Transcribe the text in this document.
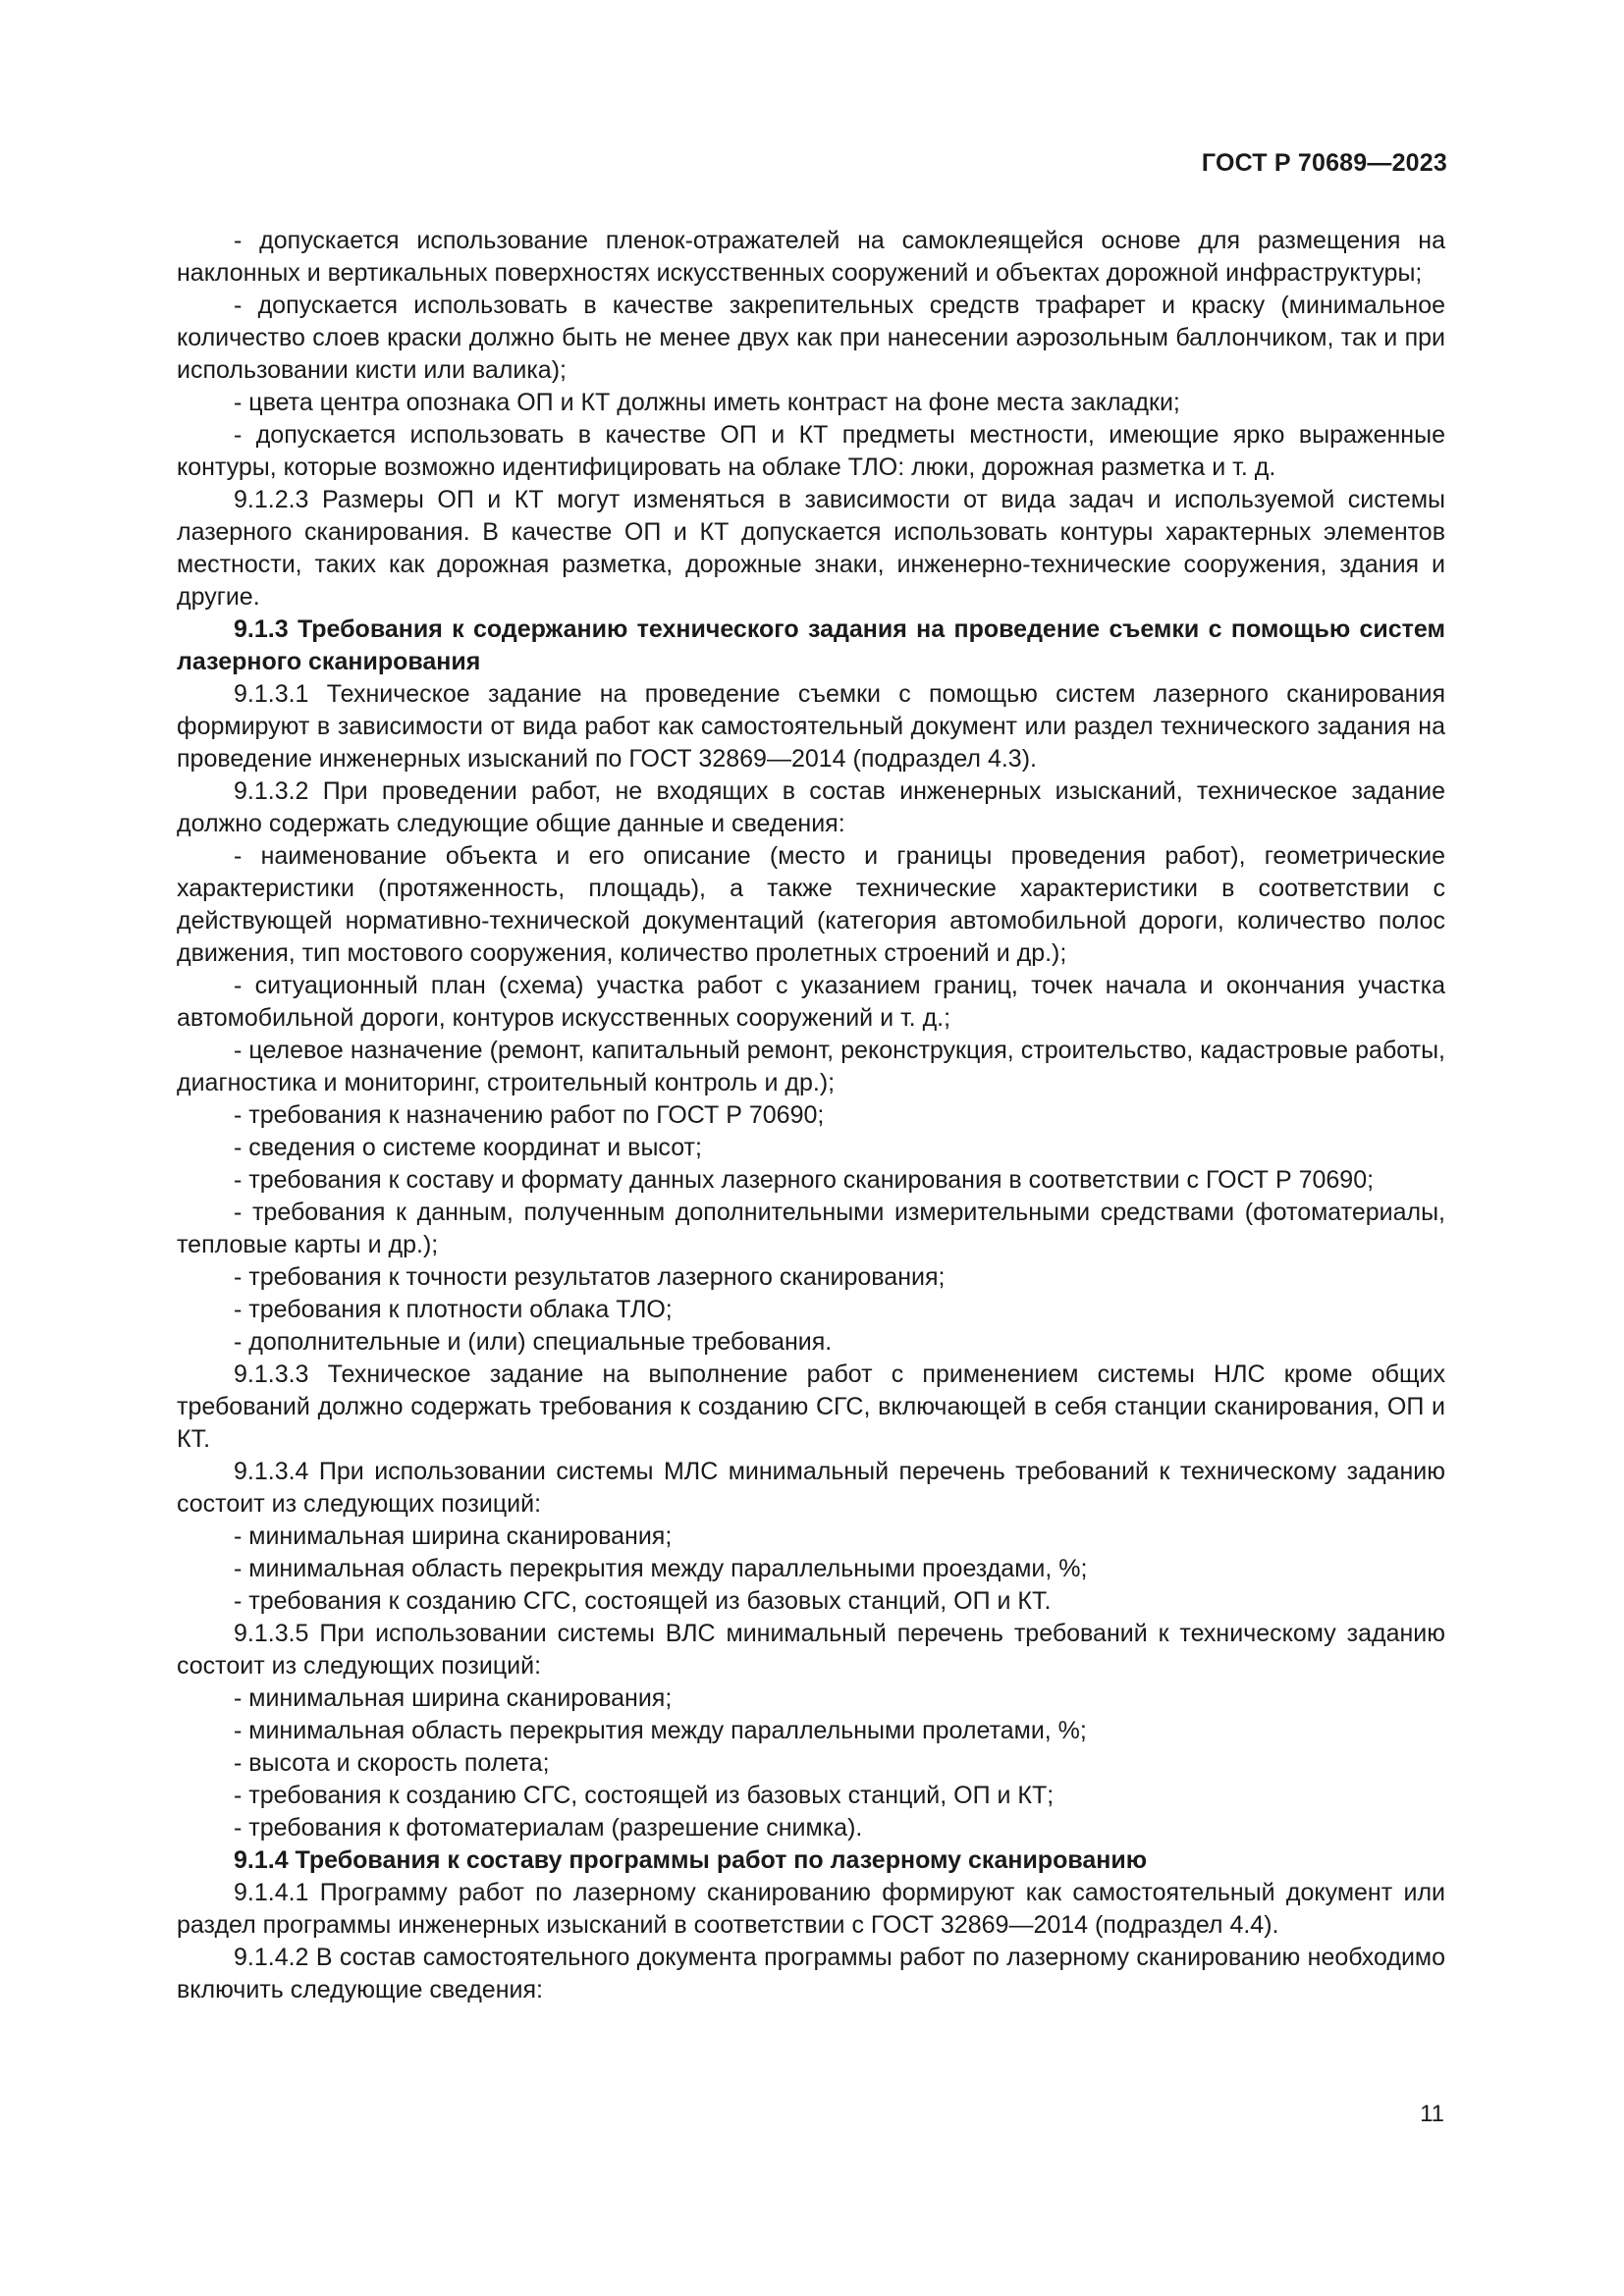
ГОСТ Р 70689—2023

- допускается использование пленок-отражателей на самоклеящейся основе для размещения на наклонных и вертикальных поверхностях искусственных сооружений и объектах дорожной инфраструктуры;

- допускается использовать в качестве закрепительных средств трафарет и краску (минимальное количество слоев краски должно быть не менее двух как при нанесении аэрозольным баллончиком, так и при использовании кисти или валика);

- цвета центра опознака ОП и КТ должны иметь контраст на фоне места закладки;

- допускается использовать в качестве ОП и КТ предметы местности, имеющие ярко выраженные контуры, которые возможно идентифицировать на облаке ТЛО: люки, дорожная разметка и т. д.

9.1.2.3 Размеры ОП и КТ могут изменяться в зависимости от вида задач и используемой системы лазерного сканирования. В качестве ОП и КТ допускается использовать контуры характерных элементов местности, таких как дорожная разметка, дорожные знаки, инженерно-технические сооружения, здания и другие.

9.1.3 Требования к содержанию технического задания на проведение съемки с помощью систем лазерного сканирования

9.1.3.1 Техническое задание на проведение съемки с помощью систем лазерного сканирования формируют в зависимости от вида работ как самостоятельный документ или раздел технического задания на проведение инженерных изысканий по ГОСТ 32869—2014 (подраздел 4.3).

9.1.3.2 При проведении работ, не входящих в состав инженерных изысканий, техническое задание должно содержать следующие общие данные и сведения:

- наименование объекта и его описание (место и границы проведения работ), геометрические характеристики (протяженность, площадь), а также технические характеристики в соответствии с действующей нормативно-технической документаций (категория автомобильной дороги, количество полос движения, тип мостового сооружения, количество пролетных строений и др.);

- ситуационный план (схема) участка работ с указанием границ, точек начала и окончания участка автомобильной дороги, контуров искусственных сооружений и т. д.;

- целевое назначение (ремонт, капитальный ремонт, реконструкция, строительство, кадастровые работы, диагностика и мониторинг, строительный контроль и др.);

- требования к назначению работ по ГОСТ Р 70690;

- сведения о системе координат и высот;

- требования к составу и формату данных лазерного сканирования в соответствии с ГОСТ Р 70690;

- требования к данным, полученным дополнительными измерительными средствами (фотоматериалы, тепловые карты и др.);

- требования к точности результатов лазерного сканирования;

- требования к плотности облака ТЛО;

- дополнительные и (или) специальные требования.

9.1.3.3 Техническое задание на выполнение работ с применением системы НЛС кроме общих требований должно содержать требования к созданию СГС, включающей в себя станции сканирования, ОП и КТ.

9.1.3.4 При использовании системы МЛС минимальный перечень требований к техническому заданию состоит из следующих позиций:

- минимальная ширина сканирования;

- минимальная область перекрытия между параллельными проездами, %;

- требования к созданию СГС, состоящей из базовых станций, ОП и КТ.

9.1.3.5 При использовании системы ВЛС минимальный перечень требований к техническому заданию состоит из следующих позиций:

- минимальная ширина сканирования;

- минимальная область перекрытия между параллельными пролетами, %;

- высота и скорость полета;

- требования к созданию СГС, состоящей из базовых станций, ОП и КТ;

- требования к фотоматериалам (разрешение снимка).

9.1.4 Требования к составу программы работ по лазерному сканированию

9.1.4.1 Программу работ по лазерному сканированию формируют как самостоятельный документ или раздел программы инженерных изысканий в соответствии с ГОСТ 32869—2014 (подраздел 4.4).

9.1.4.2 В состав самостоятельного документа программы работ по лазерному сканированию необходимо включить следующие сведения:

11
